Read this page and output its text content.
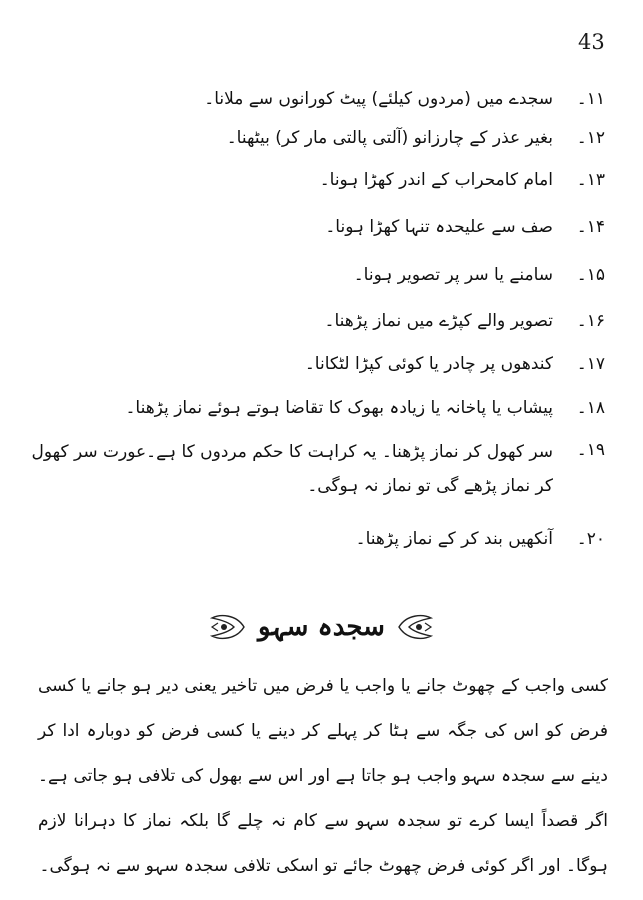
43
۱۱۔
سجدے میں (مردوں کیلئے) پیٹ کورانوں سے ملانا۔
۱۲۔
بغیر عذر کے چارزانو (آلتی پالتی مار کر) بیٹھنا۔
۱۳۔
امام کامحراب کے اندر کھڑا ہونا۔
۱۴۔
صف سے علیحدہ تنہا کھڑا ہونا۔
۱۵۔
سامنے یا سر پر تصویر ہونا۔
۱۶۔
تصویر والے کپڑے میں نماز پڑھنا۔
۱۷۔
کندھوں پر چادر یا کوئی کپڑا لٹکانا۔
۱۸۔
پیشاب یا پاخانہ یا زیادہ بھوک کا تقاضا ہوتے ہوئے نماز پڑھنا۔
۱۹۔
سر کھول کر نماز پڑھنا۔ یہ کراہت کا حکم مردوں کا ہے۔عورت سر کھول کر نماز پڑھے گی تو نماز نہ ہوگی۔
۲۰۔
آنکھیں بند کر کے نماز پڑھنا۔
سجدہ سہو
کسی واجب کے چھوٹ جانے یا واجب یا فرض میں تاخیر یعنی دیر ہو جانے یا کسی فرض کو اس کی جگہ سے ہٹا کر پہلے کر دینے یا کسی فرض کو دوبارہ ادا کر دینے سے سجدہ سہو واجب ہو جاتا ہے اور اس سے بھول کی تلافی ہو جاتی ہے۔ اگر قصداً ایسا کرے تو سجدہ سہو سے کام نہ چلے گا بلکہ نماز کا دہرانا لازم ہوگا۔ اور اگر کوئی فرض چھوٹ جائے تو اسکی تلافی سجدہ سہو سے نہ ہوگی۔
